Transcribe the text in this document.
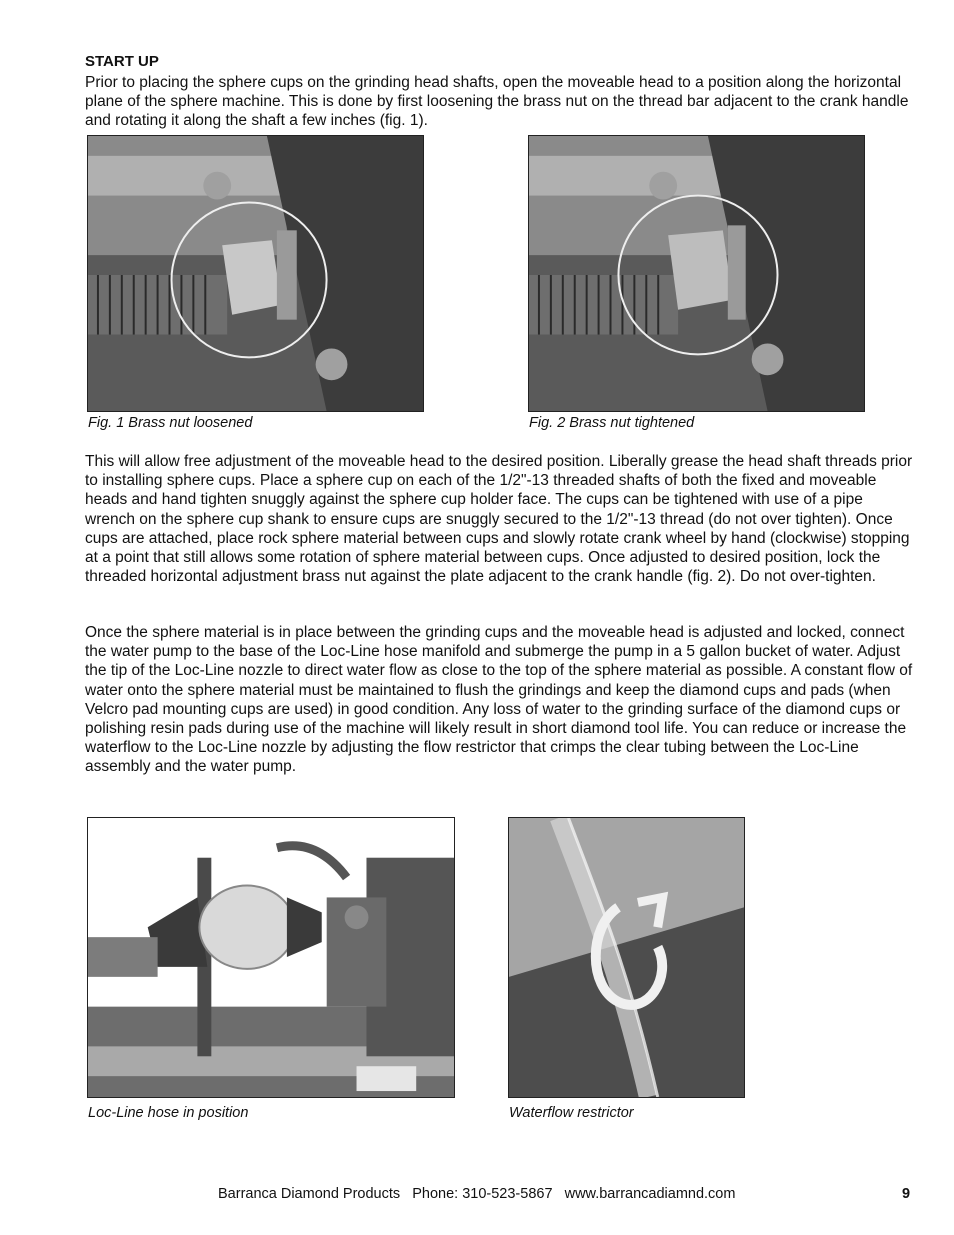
START UP

Prior to placing the sphere cups on the grinding head shafts, open the moveable head to a position along the horizontal plane of the sphere machine. This is done by first loosening the brass nut on the thread bar adjacent to the crank handle and rotating it along the shaft a few inches (fig. 1).

Fig. 1 Brass nut loosened	Fig. 2 Brass nut tightened

This will allow free adjustment of the moveable head to the desired position. Liberally grease the head shaft threads prior to installing sphere cups. Place a sphere cup on each of the 1/2"-13 threaded shafts of both the fixed and moveable heads and hand tighten snuggly against the sphere cup holder face. The cups can be tightened with use of a pipe wrench on the sphere cup shank to ensure cups are snuggly secured to the 1/2"-13 thread (do not over tighten). Once cups are attached, place rock sphere material between cups and slowly rotate crank wheel by hand (clockwise) stopping at a point that still allows some rotation of sphere material between cups. Once adjusted to desired position, lock the threaded horizontal adjustment brass nut against the plate adjacent to the crank handle (fig. 2). Do not over-tighten.

Once the sphere material is in place between the grinding cups and the moveable head is adjusted and locked, connect the water pump to the base of the Loc-Line hose manifold and submerge the pump in a 5 gallon bucket of water. Adjust the tip of the Loc-Line nozzle to direct water flow as close to the top of the sphere material as possible. A constant flow of water onto the sphere material must be maintained to flush the grindings and keep the diamond cups and pads (when Velcro pad mounting cups are used) in good condition. Any loss of water to the grinding surface of the diamond cups or polishing resin pads during use of the machine will likely result in short diamond tool life. You can reduce or increase the waterflow to the Loc-Line nozzle by adjusting the flow restrictor that crimps the clear tubing between the Loc-Line assembly and the water pump.

Loc-Line hose in position	Waterflow restrictor
Barranca Diamond Products   Phone: 310-523-5867   www.barrancadiamnd.com	9
